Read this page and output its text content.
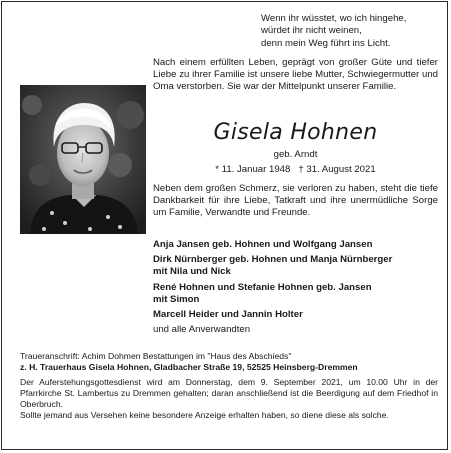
Wenn ihr wüsstet, wo ich hingehe,
würdet ihr nicht weinen,
denn mein Weg führt ins Licht.
Nach einem erfüllten Leben, geprägt von großer Güte und tiefer Liebe zu ihrer Familie ist unsere liebe Mutter, Schwiegermutter und Oma verstorben. Sie war der Mittelpunkt unserer Familie.
Gisela Hohnen
geb. Arndt
* 11. Januar 1948 † 31. August 2021
Neben dem großen Schmerz, sie verloren zu haben, steht die tiefe Dankbarkeit für ihre Liebe, Tatkraft und ihre unermüdliche Sorge um Familie, Verwandte und Freunde.
Anja Jansen geb. Hohnen und Wolfgang Jansen
Dirk Nürnberger geb. Hohnen und Manja Nürnberger
mit Nila und Nick
René Hohnen und Stefanie Hohnen geb. Jansen
mit Simon
Marcell Heider und Jannin Holter
und alle Anverwandten
Traueranschrift: Achim Dohmen Bestattungen im "Haus des Abschieds"
z. H. Trauerhaus Gisela Hohnen, Gladbacher Straße 19, 52525 Heinsberg-Dremmen
Der Auferstehungsgottesdienst wird am Donnerstag, dem 9. September 2021, um 10.00 Uhr in der Pfarrkirche St. Lambertus zu Dremmen gehalten; daran anschließend ist die Beerdigung auf dem Friedhof in Oberbruch.
Sollte jemand aus Versehen keine besondere Anzeige erhalten haben, so diene diese als solche.
